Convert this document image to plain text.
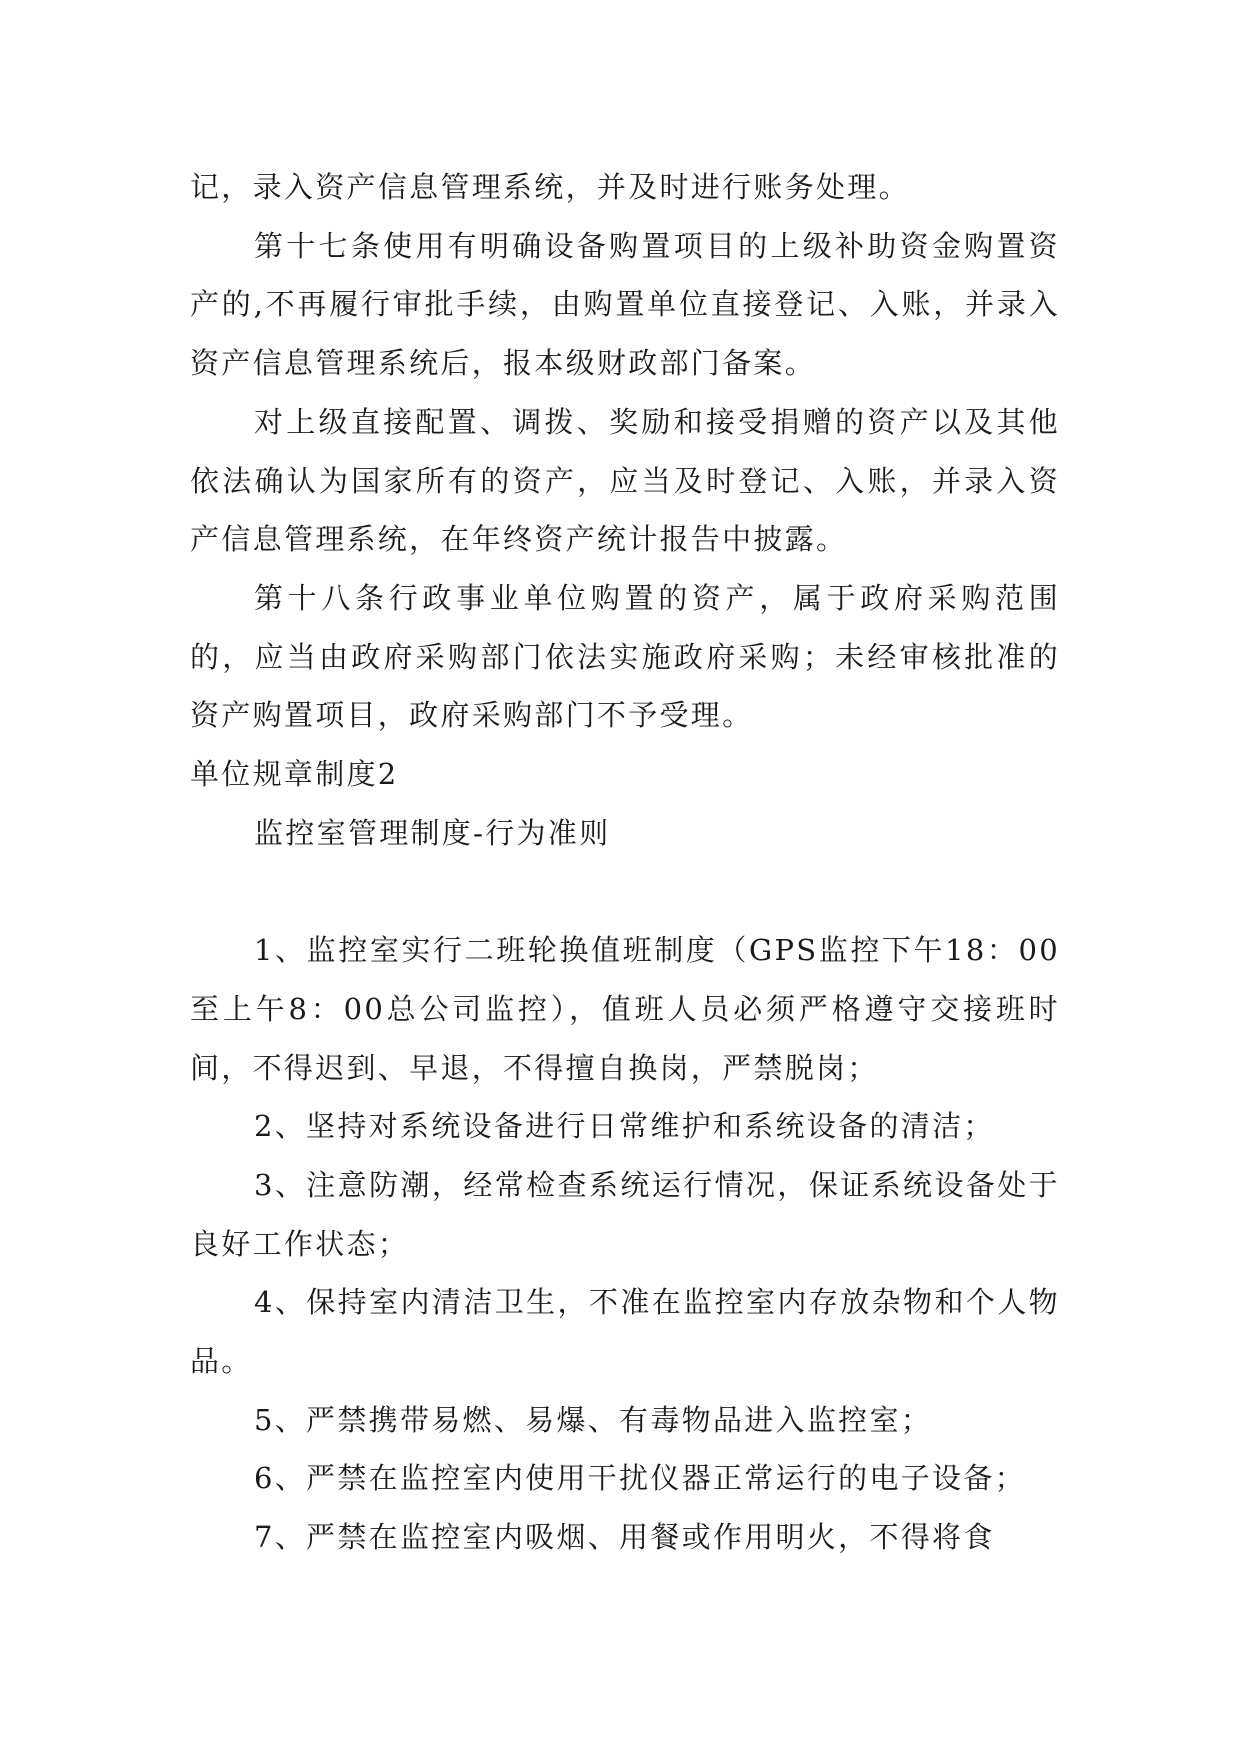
记，录入资产信息管理系统，并及时进行账务处理。

第十七条使用有明确设备购置项目的上级补助资金购置资产的,不再履行审批手续，由购置单位直接登记、入账，并录入资产信息管理系统后，报本级财政部门备案。

对上级直接配置、调拨、奖励和接受捐赠的资产以及其他依法确认为国家所有的资产，应当及时登记、入账，并录入资产信息管理系统，在年终资产统计报告中披露。

第十八条行政事业单位购置的资产，属于政府采购范围的，应当由政府采购部门依法实施政府采购；未经审核批准的资产购置项目，政府采购部门不予受理。

单位规章制度2

监控室管理制度-行为准则

1、监控室实行二班轮换值班制度（GPS监控下午18：00至上午8：00总公司监控），值班人员必须严格遵守交接班时间，不得迟到、早退，不得擅自换岗，严禁脱岗；

2、坚持对系统设备进行日常维护和系统设备的清洁；

3、注意防潮，经常检查系统运行情况，保证系统设备处于良好工作状态；

4、保持室内清洁卫生，不准在监控室内存放杂物和个人物品。

5、严禁携带易燃、易爆、有毒物品进入监控室；

6、严禁在监控室内使用干扰仪器正常运行的电子设备；

7、严禁在监控室内吸烟、用餐或作用明火，不得将食
